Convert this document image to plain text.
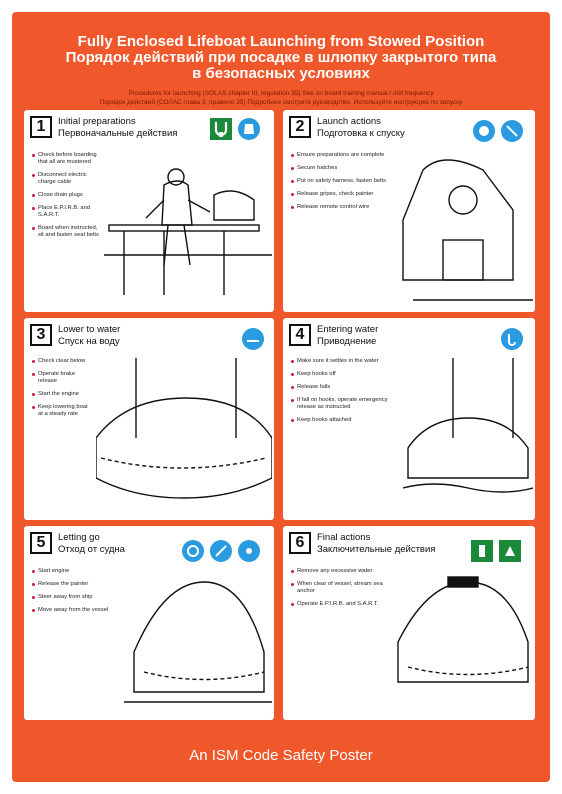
Fully Enclosed Lifeboat Launching from Stowed Position
Порядок действий при посадке в шлюпку закрытого типа
в безопасных условиях
Procedures for launching (SOLAS chapter III, regulation 35) See on board training manual / drill frequency
Порядок действий (СОЛАС глава 3, правило 35) Подробнее смотрите руководство. Используйте инструкцию по запуску
An ISM Code Safety Poster
1	Initial preparations
Первоначальные действия
Check before boarding that all are mustered
Disconnect electric charge cable
Close drain plugs
Place E.P.I.R.B. and S.A.R.T.
Board when instructed, sit and fasten seat belts
2	Launch actions
Подготовка к спуску
Ensure preparations are complete
Secure hatches
Put on safety harness, fasten belts
Release gripes, check painter
Release remote control wire
3	Lower to water
Спуск на воду
Check clear below
Operate brake release
Start the engine
Keep lowering boat at a steady rate
4	Entering water
Приводнение
Make sure it settles in the water
Keep hooks off
Release falls
If fall on hooks, operate emergency release as instructed
Keep hooks attached
5	Letting go
Отход от судна
Start engine
Release the painter
Steer away from ship
Move away from the vessel
6	Final actions
Заключительные действия
Remove any excessive water
When clear of vessel, stream sea anchor
Operate E.P.I.R.B. and S.A.R.T.
